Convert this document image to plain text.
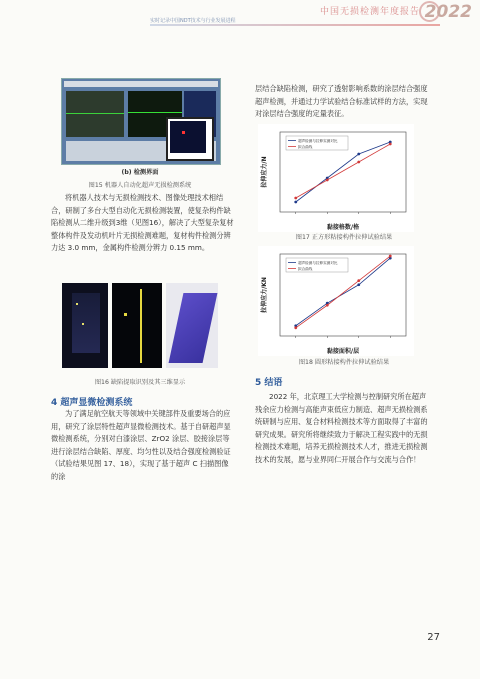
中国无损检测年度报告 2022
实时记录中国NDT技术与行业发展进程
(b) 检测界面
图15 机器人自动化超声无损检测系统
将机器人技术与无损检测技术、图像处理技术相结合，研制了多台大型自动化无损检测装置，使复杂构件缺陷检测从二维升级到3维（见图16），解决了大型复杂复材整体构件及发动机叶片无损检测难题，复材构件检测分辨力达 3.0 mm，金属构件检测分辨力 0.15 mm。
图16 缺陷提取识别及其三维显示
4 超声显微检测系统
为了满足航空航天等领域中关键部件及重要场合的应用，研究了涂层特性超声显微检测技术。基于自研超声显微检测系统，分别对白漆涂层、ZrO2 涂层、胶接涂层等进行涂层结合缺陷、厚度、均匀性以及结合强度检测验证（试验结果见图 17、18），实现了基于超声 C 扫描图像的涂
层结合缺陷检测，研究了透射影响系数的涂层结合强度超声检测，并通过力学试验结合标准试样的方法，实现对涂层结合强度的定量表征。
黏接格数/格
拉伸应力/N
超声检测与拉伸实测对比
拟合曲线
图17 正方形粘接构件拉伸试验结果
黏接面积/层
拉伸应力/KN
超声检测与拉伸实测对比
拟合曲线
图18 圆形粘接构件拉伸试验结果
5 结语
2022 年，北京理工大学检测与控制研究所在超声残余应力检测与高能声束低应力制造、超声无损检测系统研制与应用、复合材料检测技术等方面取得了丰富的研究成果。研究所将继续致力于解决工程实践中的无损检测技术难题，培养无损检测技术人才，推进无损检测技术的发展，愿与业界同仁开展合作与交流与合作！
27
